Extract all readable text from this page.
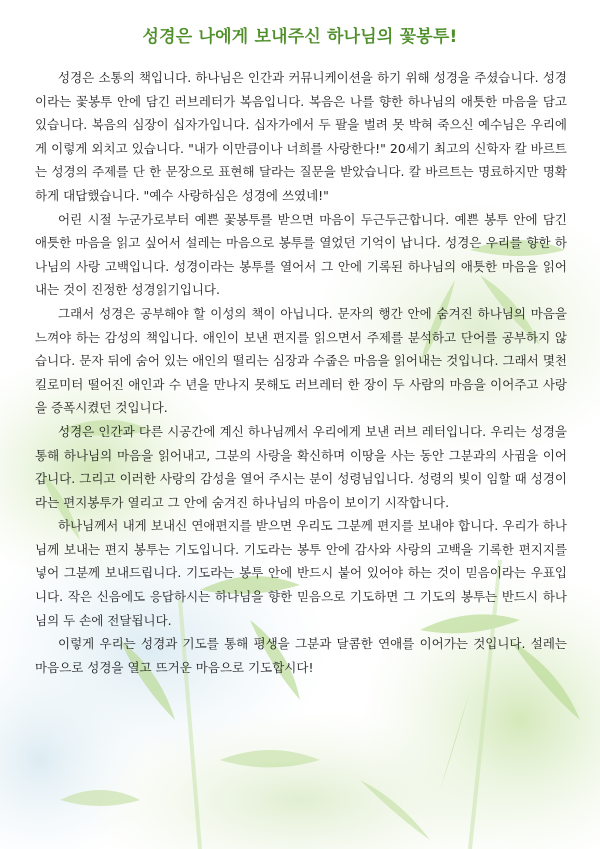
성경은 나에게 보내주신 하나님의 꽃봉투!

성경은 소통의 책입니다. 하나님은 인간과 커뮤니케이션을 하기 위해 성경을 주셨습니다. 성경이라는 꽃봉투 안에 담긴 러브레터가 복음입니다. 복음은 나를 향한 하나님의 애틋한 마음을 담고 있습니다. 복음의 심장이 십자가입니다. 십자가에서 두 팔을 벌려 못 박혀 죽으신 예수님은 우리에게 이렇게 외치고 있습니다. "내가 이만큼이나 너희를 사랑한다!" 20세기 최고의 신학자 칼 바르트는 성경의 주제를 단 한 문장으로 표현해 달라는 질문을 받았습니다. 칼 바르트는 명료하지만 명확하게 대답했습니다. "예수 사랑하심은 성경에 쓰였네!"

어린 시절 누군가로부터 예쁜 꽃봉투를 받으면 마음이 두근두근합니다. 예쁜 봉투 안에 담긴 애틋한 마음을 읽고 싶어서 설레는 마음으로 봉투를 열었던 기억이 납니다. 성경은 우리를 향한 하나님의 사랑 고백입니다. 성경이라는 봉투를 열어서 그 안에 기록된 하나님의 애틋한 마음을 읽어내는 것이 진정한 성경읽기입니다.

그래서 성경은 공부해야 할 이성의 책이 아닙니다. 문자의 행간 안에 숨겨진 하나님의 마음을 느껴야 하는 감성의 책입니다. 애인이 보낸 편지를 읽으면서 주제를 분석하고 단어를 공부하지 않습니다. 문자 뒤에 숨어 있는 애인의 떨리는 심장과 수줍은 마음을 읽어내는 것입니다. 그래서 몇천 킬로미터 떨어진 애인과 수 년을 만나지 못해도 러브레터 한 장이 두 사람의 마음을 이어주고 사랑을 증폭시켰던 것입니다.

성경은 인간과 다른 시공간에 계신 하나님께서 우리에게 보낸 러브 레터입니다. 우리는 성경을 통해 하나님의 마음을 읽어내고, 그분의 사랑을 확신하며 이땅을 사는 동안 그분과의 사귐을 이어갑니다. 그리고 이러한 사랑의 감성을 열어 주시는 분이 성령님입니다. 성령의 빛이 임할 때 성경이라는 편지봉투가 열리고 그 안에 숨겨진 하나님의 마음이 보이기 시작합니다.

하나님께서 내게 보내신 연애편지를 받으면 우리도 그분께 편지를 보내야 합니다. 우리가 하나님께 보내는 편지 봉투는 기도입니다. 기도라는 봉투 안에 감사와 사랑의 고백을 기록한 편지지를 넣어 그분께 보내드립니다. 기도라는 봉투 안에 반드시 붙어 있어야 하는 것이 믿음이라는 우표입니다. 작은 신음에도 응답하시는 하나님을 향한 믿음으로 기도하면 그 기도의 봉투는 반드시 하나님의 두 손에 전달됩니다.

이렇게 우리는 성경과 기도를 통해 평생을 그분과 달콤한 연애를 이어가는 것입니다. 설레는 마음으로 성경을 열고 뜨거운 마음으로 기도합시다!
